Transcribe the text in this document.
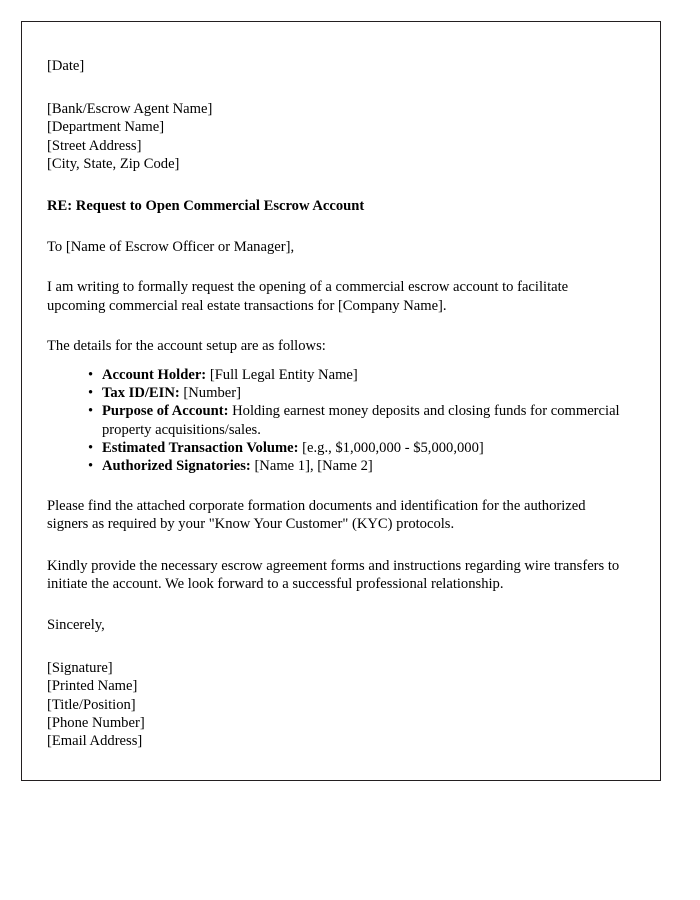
[Date]

[Bank/Escrow Agent Name]

[Department Name]

[Street Address]

[City, State, Zip Code]

RE: Request to Open Commercial Escrow Account

To [Name of Escrow Officer or Manager],

I am writing to formally request the opening of a commercial escrow account to facilitate upcoming commercial real estate transactions for [Company Name].

The details for the account setup are as follows:

• Account Holder: [Full Legal Entity Name]
• Tax ID/EIN: [Number]
• Purpose of Account: Holding earnest money deposits and closing funds for commercial property acquisitions/sales.
• Estimated Transaction Volume: [e.g., $1,000,000 - $5,000,000]
• Authorized Signatories: [Name 1], [Name 2]

Please find the attached corporate formation documents and identification for the authorized signers as required by your "Know Your Customer" (KYC) protocols.

Kindly provide the necessary escrow agreement forms and instructions regarding wire transfers to initiate the account. We look forward to a successful professional relationship.

Sincerely,

[Signature]

[Printed Name]

[Title/Position]

[Phone Number]

[Email Address]
